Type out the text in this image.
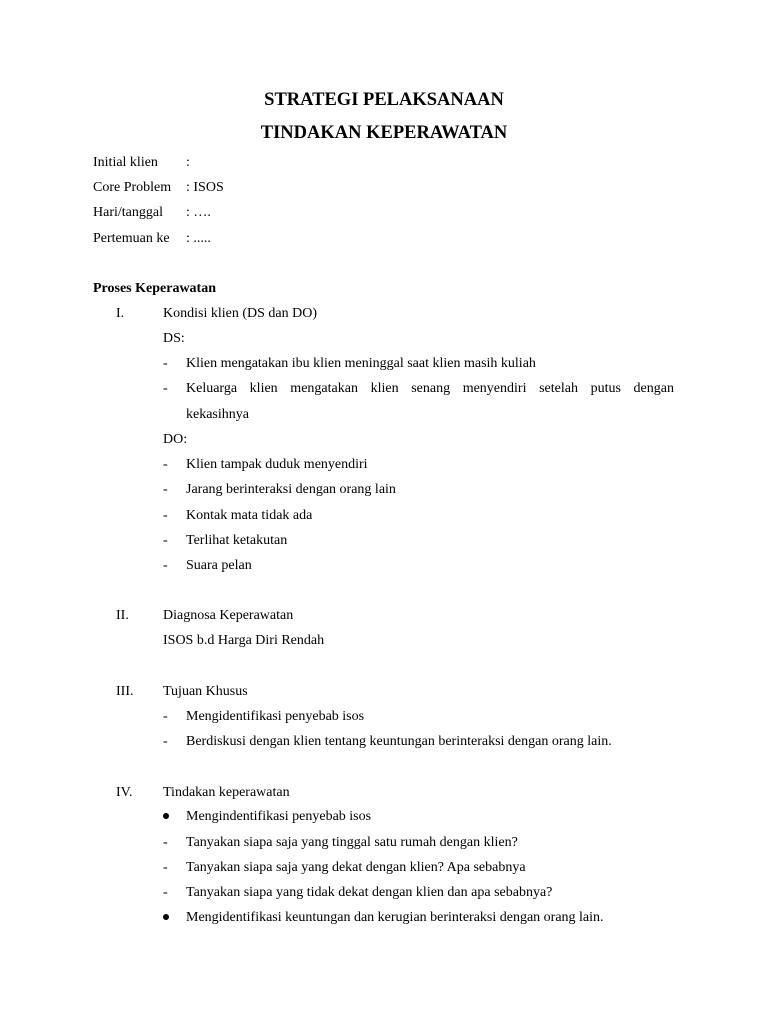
STRATEGI PELAKSANAAN
TINDAKAN KEPERAWATAN
Initial klien :
Core Problem : ISOS
Hari/tanggal : ….
Pertemuan ke : .....
Proses Keperawatan
I.	Kondisi klien (DS dan DO)
DS:
- Klien mengatakan ibu klien meninggal saat klien masih kuliah
- Keluarga klien mengatakan klien senang menyendiri setelah putus dengan
kekasihnya
DO:
- Klien tampak duduk menyendiri
- Jarang berinteraksi dengan orang lain
- Kontak mata tidak ada
- Terlihat ketakutan
- Suara pelan
II. Diagnosa Keperawatan
ISOS b.d Harga Diri Rendah
III. Tujuan Khusus
- Mengidentifikasi penyebab isos
- Berdiskusi dengan klien tentang keuntungan berinteraksi dengan orang lain.
IV. Tindakan keperawatan
Mengindentifikasi penyebab isos
- Tanyakan siapa saja yang tinggal satu rumah dengan klien?
- Tanyakan siapa saja yang dekat dengan klien? Apa sebabnya
- Tanyakan siapa yang tidak dekat dengan klien dan apa sebabnya?
Mengidentifikasi keuntungan dan kerugian berinteraksi dengan orang lain.
